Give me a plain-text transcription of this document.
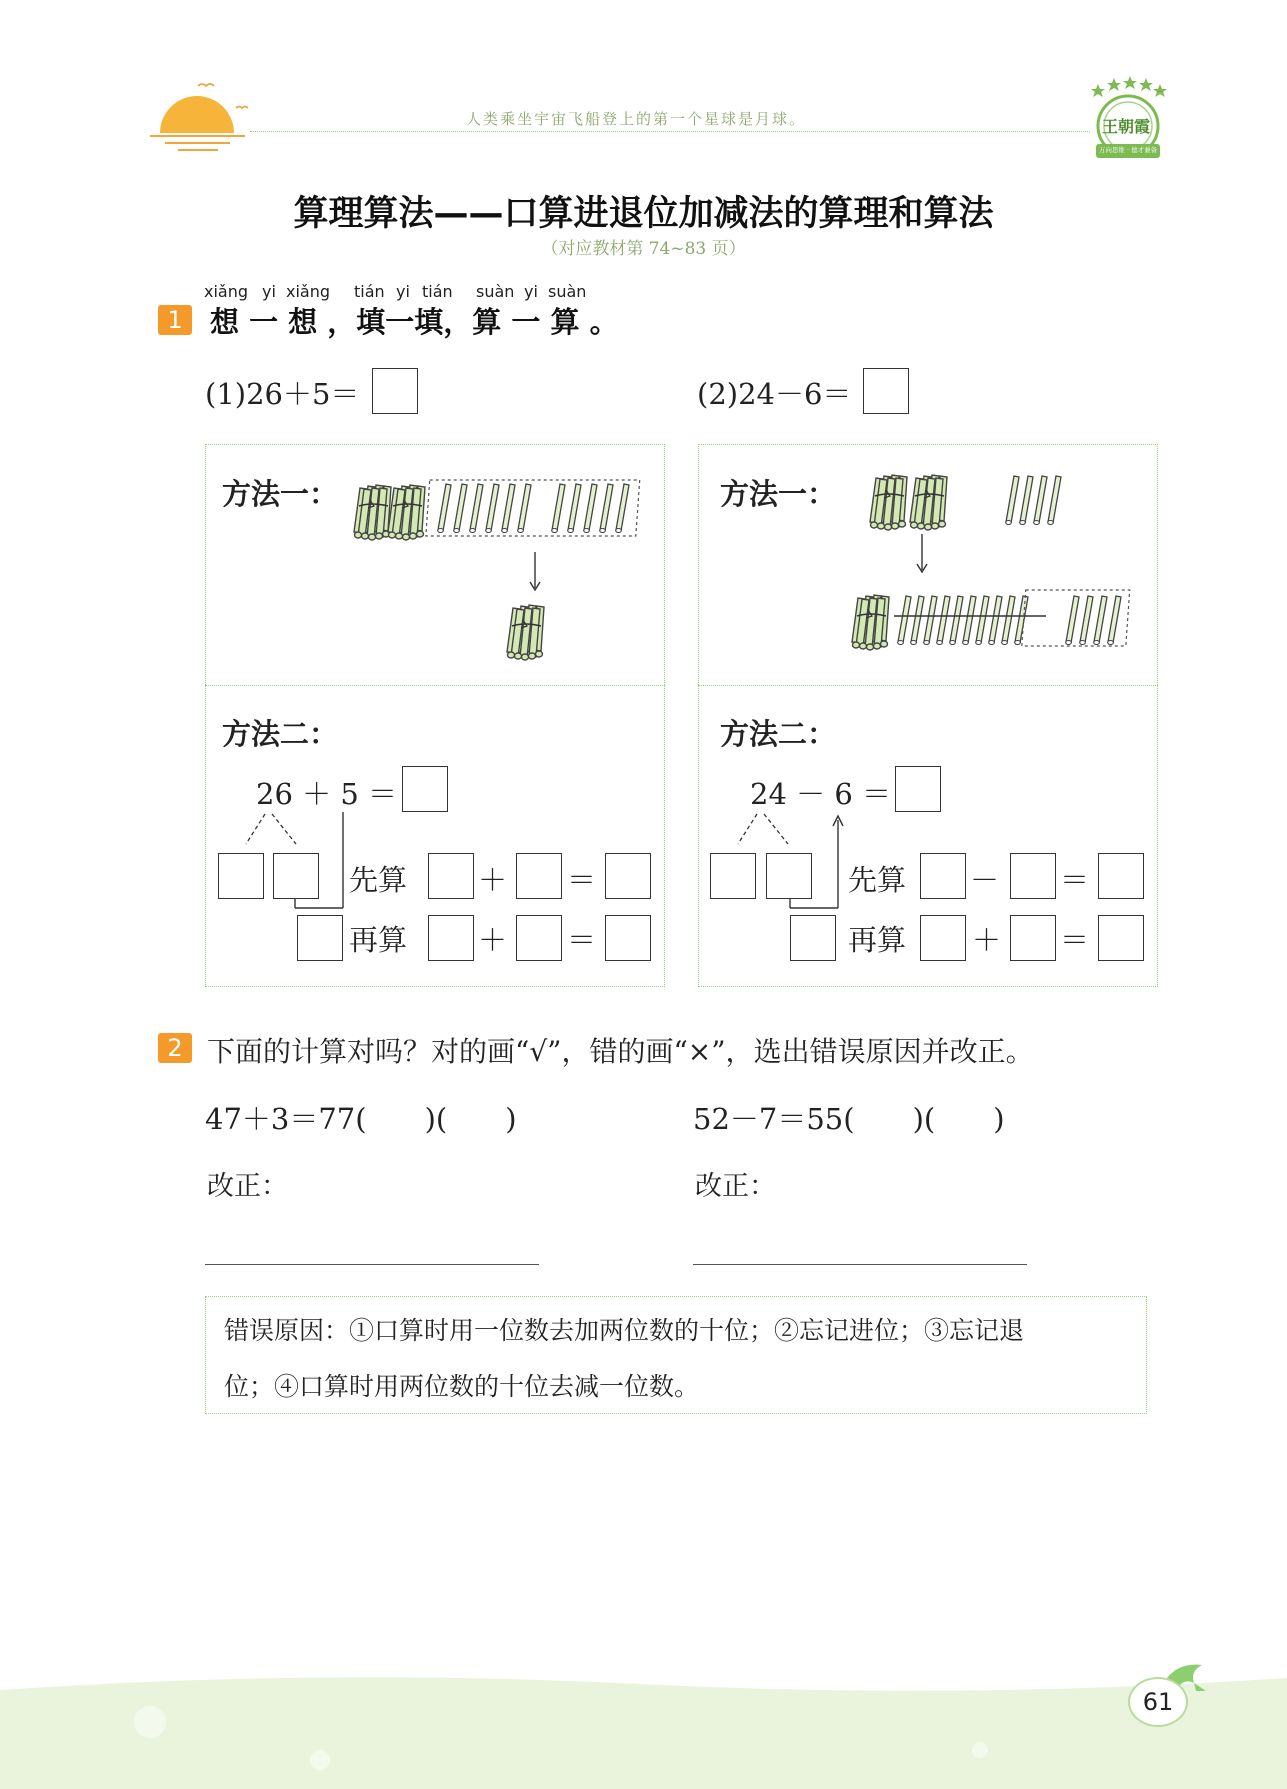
人类乘坐宇宙飞船登上的第一个星球是月球。	王朝霞
万向思维 · 德才兼备
算理算法——口算进退位加减法的算理和算法
（对应教材第 74~83 页）
1
xiǎng yi xiǎng tián yi tián suàn yi suàn
想 一 想 ，填一填，算 一 算 。
(1)26＋5＝	(2)24－6＝
方法一：
方法二：
26 ＋ 5 ＝
先算 ＋ ＝
再算 ＋ ＝
方法一：
方法二：
24 － 6 ＝
先算 － ＝
再算 ＋ ＝
2 下面的计算对吗？对的画“√”，错的画“×”，选出错误原因并改正。
47＋3＝77(　　)(　　)	52－7＝55(　　)(　　)
改正：	改正：
错误原因：①口算时用一位数去加两位数的十位；②忘记进位；③忘记退
位；④口算时用两位数的十位去减一位数。
61
